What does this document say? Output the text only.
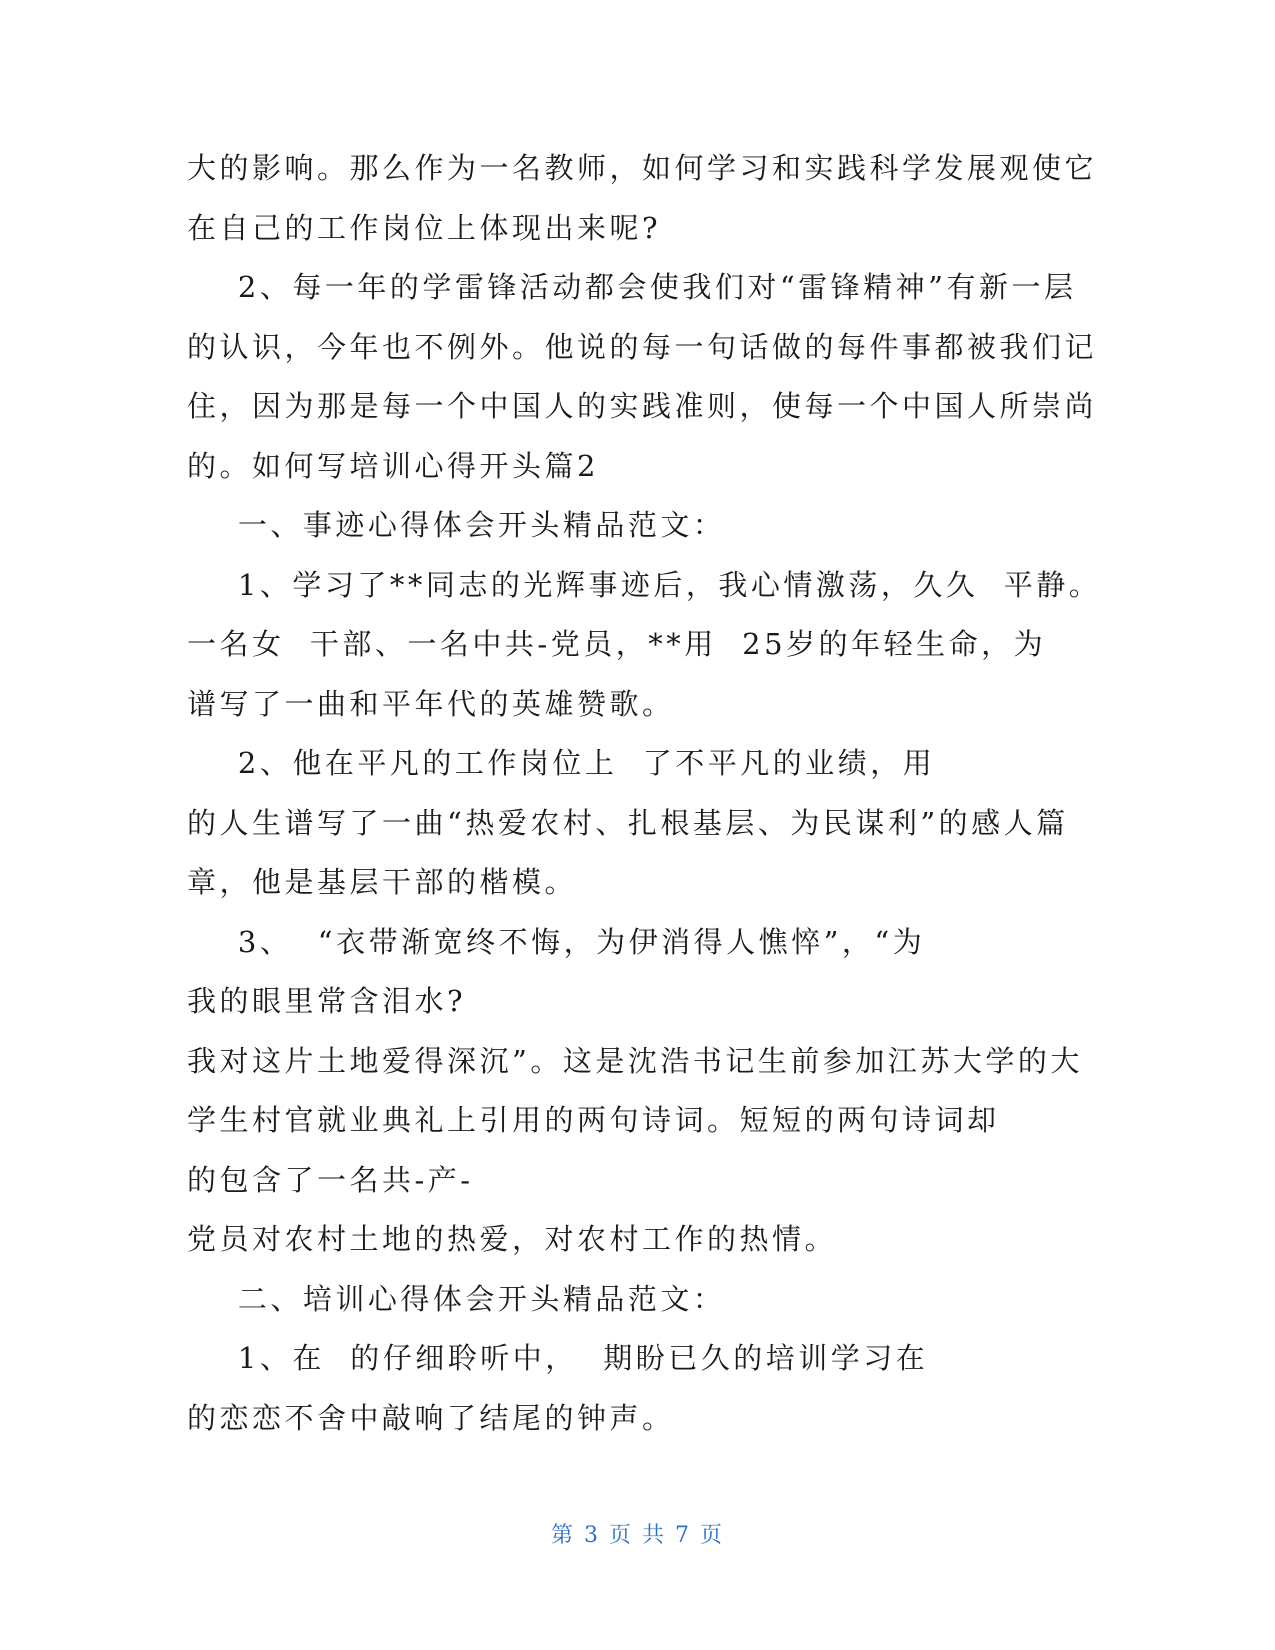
大的影响。那么作为一名教师，如何学习和实践科学发展观使它
在自己的工作岗位上体现出来呢?
2、每一年的学雷锋活动都会使我们对“雷锋精神”有新一层
的认识，今年也不例外。他说的每一句话做的每件事都被我们记
住，因为那是每一个中国人的实践准则，使每一个中国人所崇尚
的。如何写培训心得开头篇2
一、事迹心得体会开头精品范文：
1、学习了**同志的光辉事迹后，我心情激荡，久久  平静。
一名女  干部、一名中共-党员，**用  25岁的年轻生命，为
谱写了一曲和平年代的英雄赞歌。
2、他在平凡的工作岗位上  了不平凡的业绩，用
的人生谱写了一曲“热爱农村、扎根基层、为民谋利”的感人篇
章，他是基层干部的楷模。
3、  “衣带渐宽终不悔，为伊消得人憔悴”，“为
我的眼里常含泪水?
我对这片土地爱得深沉”。这是沈浩书记生前参加江苏大学的大
学生村官就业典礼上引用的两句诗词。短短的两句诗词却
的包含了一名共-产-
党员对农村土地的热爱，对农村工作的热情。
二、培训心得体会开头精品范文：
1、在  的仔细聆听中，  期盼已久的培训学习在
的恋恋不舍中敲响了结尾的钟声。
第 3 页 共 7 页
